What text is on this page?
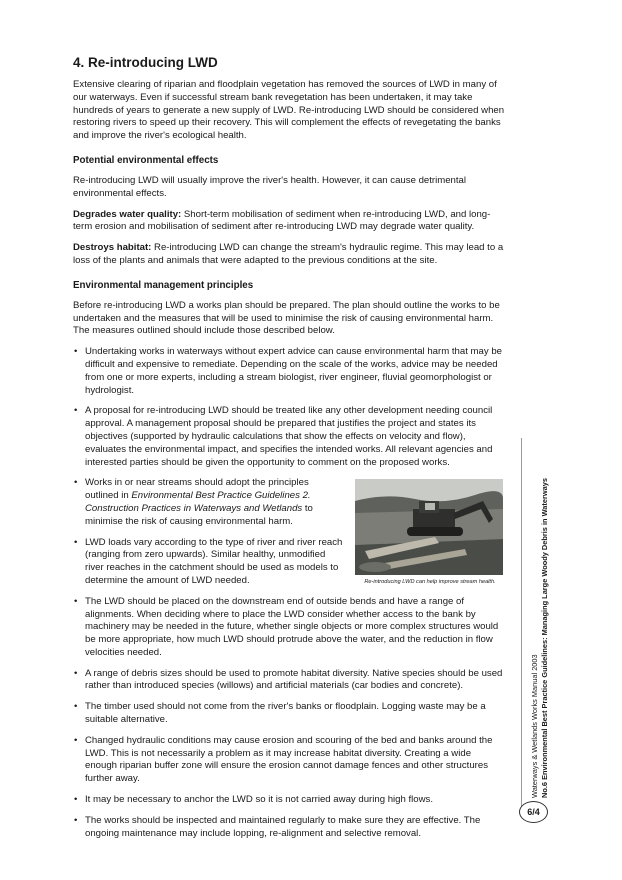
4. Re-introducing LWD

Extensive clearing of riparian and floodplain vegetation has removed the sources of LWD in many of our waterways. Even if successful stream bank revegetation has been undertaken, it may take hundreds of years to generate a new supply of LWD. Re-introducing LWD should be considered when restoring rivers to speed up their recovery. This will complement the effects of revegetating the banks and improve the river's ecological health.

Potential environmental effects

Re-introducing LWD will usually improve the river's health. However, it can cause detrimental environmental effects.

Degrades water quality: Short-term mobilisation of sediment when re-introducing LWD, and long-term erosion and mobilisation of sediment after re-introducing LWD may degrade water quality.

Destroys habitat: Re-introducing LWD can change the stream's hydraulic regime. This may lead to a loss of the plants and animals that were adapted to the previous conditions at the site.

Environmental management principles

Before re-introducing LWD a works plan should be prepared. The plan should outline the works to be undertaken and the measures that will be used to minimise the risk of causing environmental harm. The measures outlined should include those described below.

• Undertaking works in waterways without expert advice can cause environmental harm that may be difficult and expensive to remediate. Depending on the scale of the works, advice may be needed from one or more experts, including a stream biologist, river engineer, fluvial geomorphologist or hydrologist.
• A proposal for re-introducing LWD should be treated like any other development needing council approval. A management proposal should be prepared that justifies the project and states its objectives (supported by hydraulic calculations that show the effects on velocity and flow), evaluates the environmental impact, and specifies the intended works. All relevant agencies and interested parties should be given the opportunity to comment on the proposed works.
• Works in or near streams should adopt the principles outlined in Environmental Best Practice Guidelines 2. Construction Practices in Waterways and Wetlands to minimise the risk of causing environmental harm.
• LWD loads vary according to the type of river and river reach (ranging from zero upwards). Similar healthy, unmodified river reaches in the catchment should be used as models to determine the amount of LWD needed.
• The LWD should be placed on the downstream end of outside bends and have a range of alignments. When deciding where to place the LWD consider whether access to the bank by machinery may be needed in the future, whether single objects or more complex structures would be more appropriate, how much LWD should protrude above the water, and the reduction in flow velocities needed.
• A range of debris sizes should be used to promote habitat diversity. Native species should be used rather than introduced species (willows) and artificial materials (car bodies and concrete).
• The timber used should not come from the river's banks or floodplain. Logging waste may be a suitable alternative.
• Changed hydraulic conditions may cause erosion and scouring of the bed and banks around the LWD. This is not necessarily a problem as it may increase habitat diversity. Creating a wide enough riparian buffer zone will ensure the erosion cannot damage fences and other structures further away.
• It may be necessary to anchor the LWD so it is not carried away during high flows.
• The works should be inspected and maintained regularly to make sure they are effective. The ongoing maintenance may include lopping, re-alignment and selective removal.
Re-introducing LWD can help improve stream health.
Waterways & Wetlands Works Manual 2003 No.6 Environmental Best Practice Guidelines: Managing Large Woody Debris in Waterways
6/4
